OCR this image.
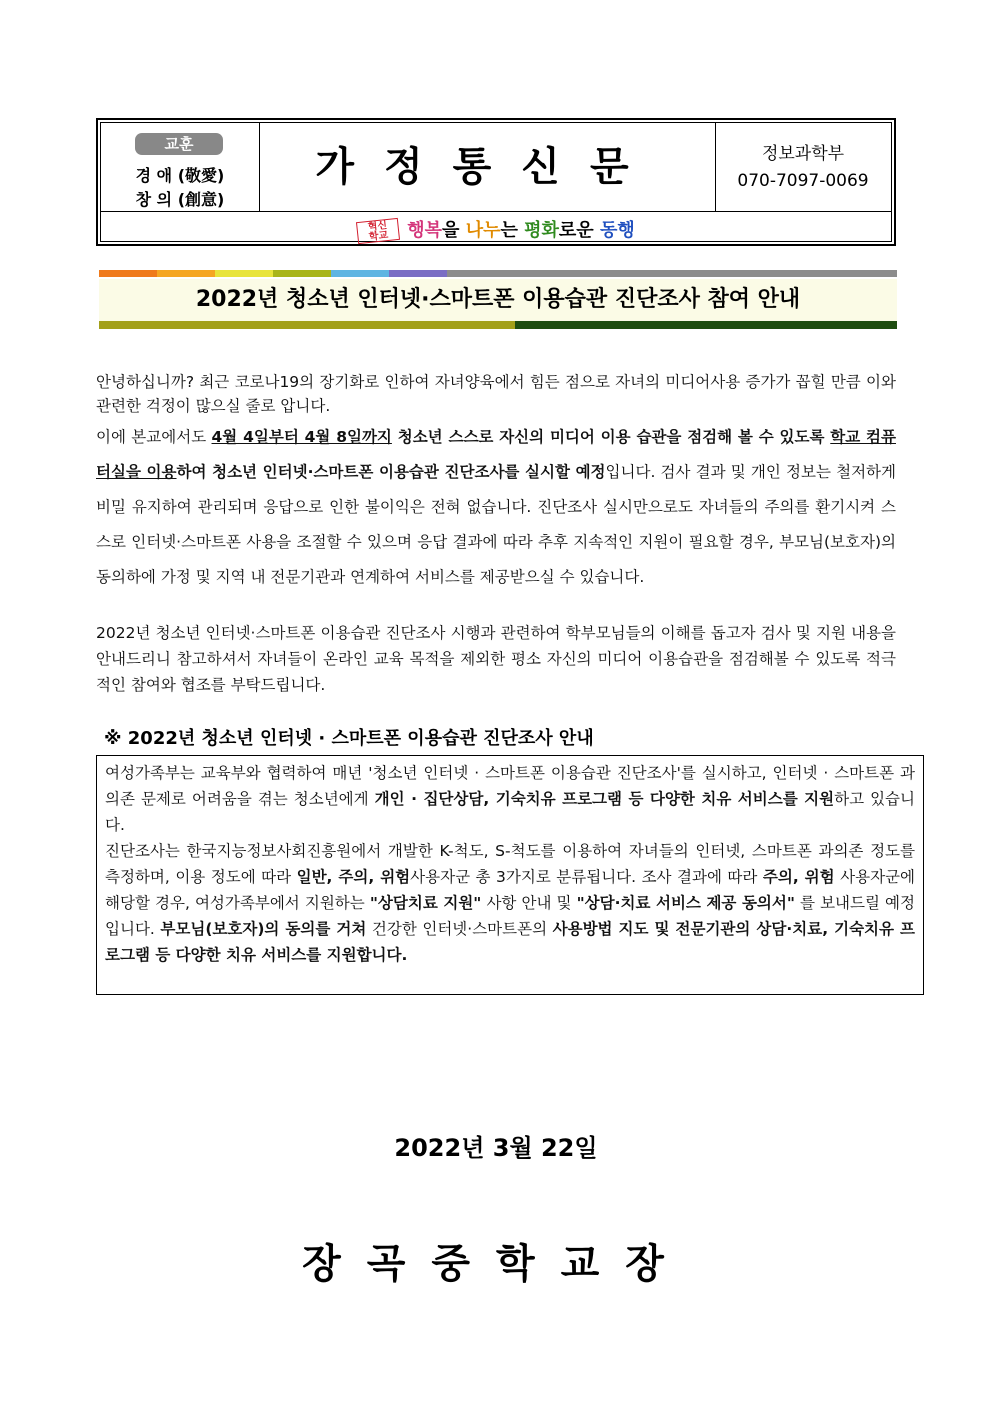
교훈
경 애 (敬愛)
창 의 (創意)
가정통신문	정보과학부
070-7097-0069
혁신
학교 행복을 나누는 평화로운 동행
2022년 청소년 인터넷·스마트폰 이용습관 진단조사 참여 안내
안녕하십니까? 최근 코로나19의 장기화로 인하여 자녀양육에서 힘든 점으로 자녀의 미디어사용 증가가 꼽힐 만큼 이와 관련한 걱정이 많으실 줄로 압니다.
이에 본교에서도 4월 4일부터 4월 8일까지 청소년 스스로 자신의 미디어 이용 습관을 점검해 볼 수 있도록 학교 컴퓨터실을 이용하여 청소년 인터넷·스마트폰 이용습관 진단조사를 실시할 예정입니다. 검사 결과 및 개인 정보는 철저하게 비밀 유지하여 관리되며 응답으로 인한 불이익은 전혀 없습니다. 진단조사 실시만으로도 자녀들의 주의를 환기시켜 스스로 인터넷·스마트폰 사용을 조절할 수 있으며 응답 결과에 따라 추후 지속적인 지원이 필요할 경우, 부모님(보호자)의 동의하에 가정 및 지역 내 전문기관과 연계하여 서비스를 제공받으실 수 있습니다.
2022년 청소년 인터넷·스마트폰 이용습관 진단조사 시행과 관련하여 학부모님들의 이해를 돕고자 검사 및 지원 내용을 안내드리니 참고하셔서 자녀들이 온라인 교육 목적을 제외한 평소 자신의 미디어 이용습관을 점검해볼 수 있도록 적극적인 참여와 협조를 부탁드립니다.
※ 2022년 청소년 인터넷 · 스마트폰 이용습관 진단조사 안내
여성가족부는 교육부와 협력하여 매년 '청소년 인터넷 · 스마트폰 이용습관 진단조사'를 실시하고, 인터넷 · 스마트폰 과의존 문제로 어려움을 겪는 청소년에게 개인 · 집단상담, 기숙치유 프로그램 등 다양한 치유 서비스를 지원하고 있습니다.
진단조사는 한국지능정보사회진흥원에서 개발한 K-척도, S-척도를 이용하여 자녀들의 인터넷, 스마트폰 과의존 정도를 측정하며, 이용 정도에 따라 일반, 주의, 위험사용자군 총 3가지로 분류됩니다. 조사 결과에 따라 주의, 위험 사용자군에 해당할 경우, 여성가족부에서 지원하는 "상담치료 지원" 사항 안내 및 "상담·치료 서비스 제공 동의서" 를 보내드릴 예정입니다. 부모님(보호자)의 동의를 거쳐 건강한 인터넷·스마트폰의 사용방법 지도 및 전문기관의 상담·치료, 기숙치유 프로그램 등 다양한 치유 서비스를 지원합니다.
2022년 3월 22일
장곡중학교장
